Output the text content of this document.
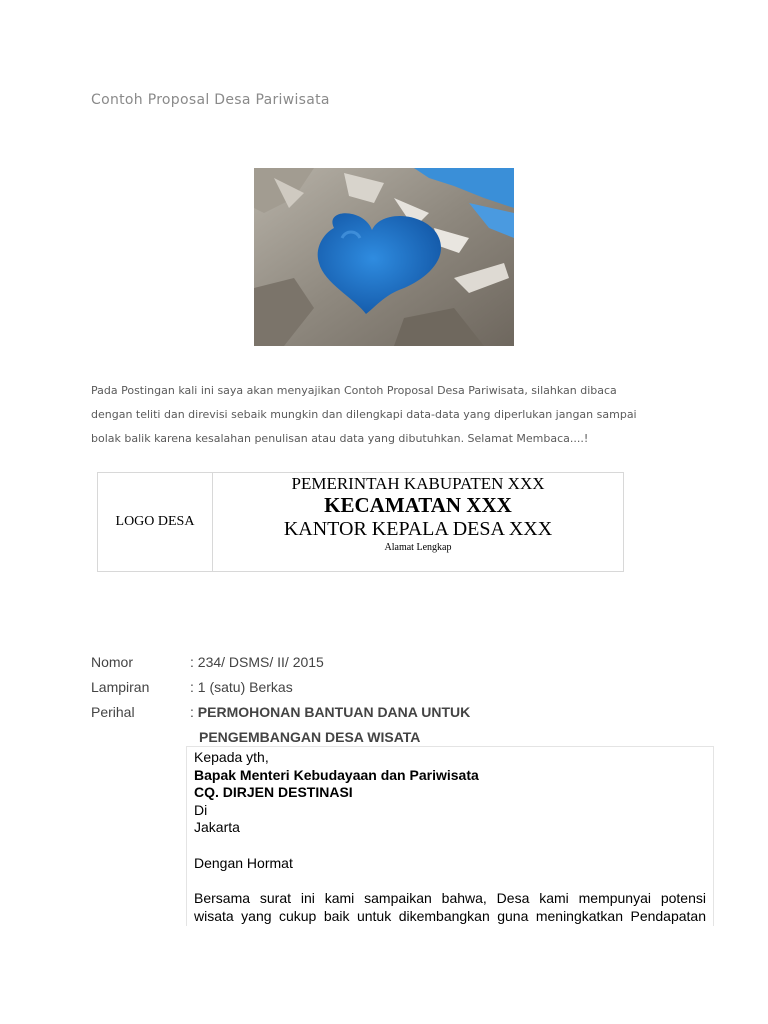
Contoh Proposal Desa Pariwisata

Pada Postingan kali ini saya akan menyajikan Contoh Proposal Desa Pariwisata, silahkan dibaca

dengan teliti dan direvisi sebaik mungkin dan dilengkapi data-data yang diperlukan jangan sampai

bolak balik karena kesalahan penulisan atau data yang dibutuhkan. Selamat Membaca....!

LOGO DESA
PEMERINTAH KABUPATEN XXX
KECAMATAN XXX
KANTOR KEPALA DESA XXX
Alamat Lengkap
Nomor	: 234/ DSMS/ II/ 2015
Lampiran	: 1 (satu) Berkas
Perihal	: PERMOHONAN BANTUAN DANA UNTUK
PENGEMBANGAN DESA WISATA

Kepada yth,

Bapak Menteri Kebudayaan dan Pariwisata

CQ. DIRJEN DESTINASI

Di

Jakarta

Dengan Hormat

Bersama surat ini kami sampaikan bahwa, Desa kami mempunyai potensi

wisata yang cukup baik untuk dikembangkan guna meningkatkan Pendapatan
